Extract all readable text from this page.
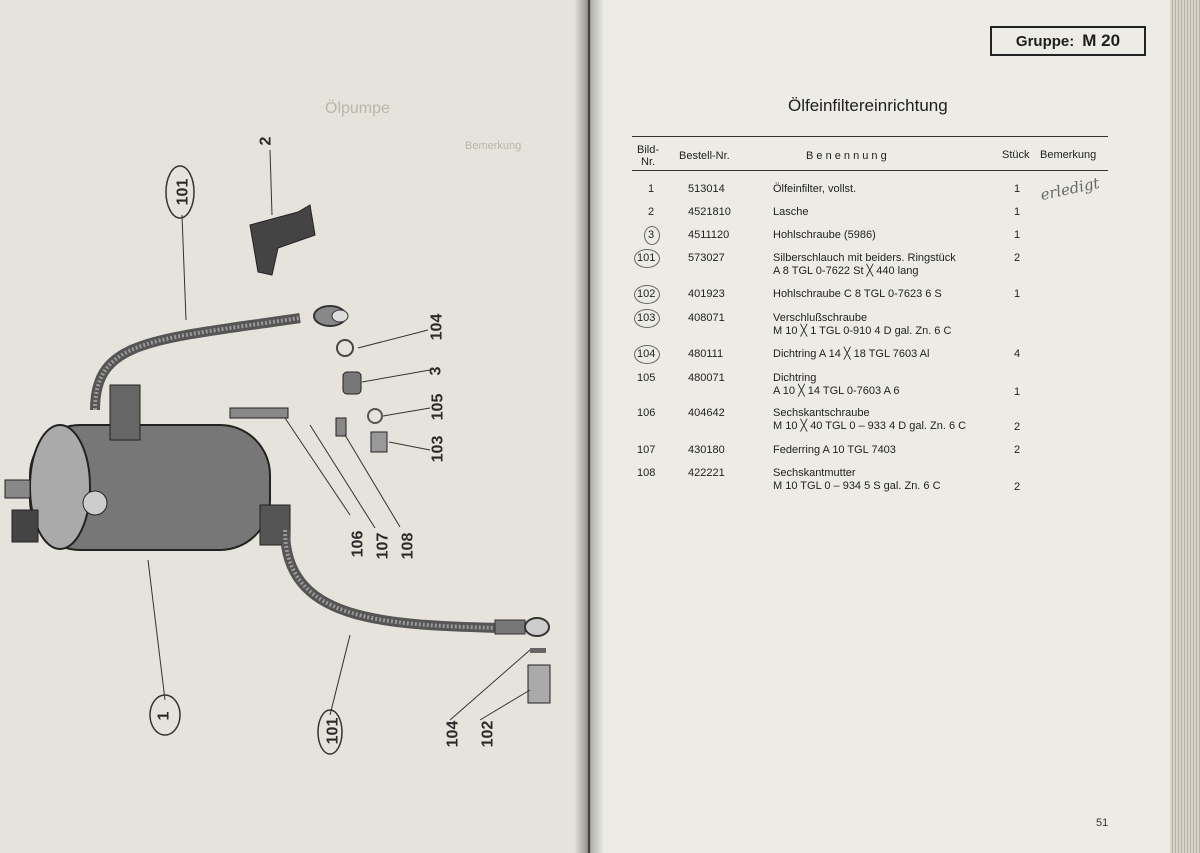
Ölpumpe
Bemerkung
101
2
104
3
105
103
106 107 108
1
101	104 102
Gruppe: M 20
Ölfeinfiltereinrichtung
Bild-
Nr. Bestell-Nr.	B e n e n n u n g	Stück Bemerkung
1	513014	Ölfeinfilter, vollst.	1
2	4521810	Lasche	1
3	4511120	Hohlschraube (5986)	1
101	573027	Silberschlauch mit beiders. Ringstück
A 8 TGL 0-7622 St ╳ 440 lang
2
102	401923	Hohlschraube C 8 TGL 0-7623 6 S	1
103	408071	Verschlußschraube
M 10 ╳ 1 TGL 0-910 4 D gal. Zn. 6 C
104	480111	Dichtring A 14 ╳ 18 TGL 7603 Al	4
105	480071	Dichtring
A 10 ╳ 14 TGL 0-7603 A 6	1
106	404642	Sechskantschraube
M 10 ╳ 40 TGL 0 – 933 4 D gal. Zn. 6 C	2
107	430180	Federring A 10 TGL 7403	2
108	422221	Sechskantmutter
M 10 TGL 0 – 934 5 S gal. Zn. 6 C	2
erledigt
51
